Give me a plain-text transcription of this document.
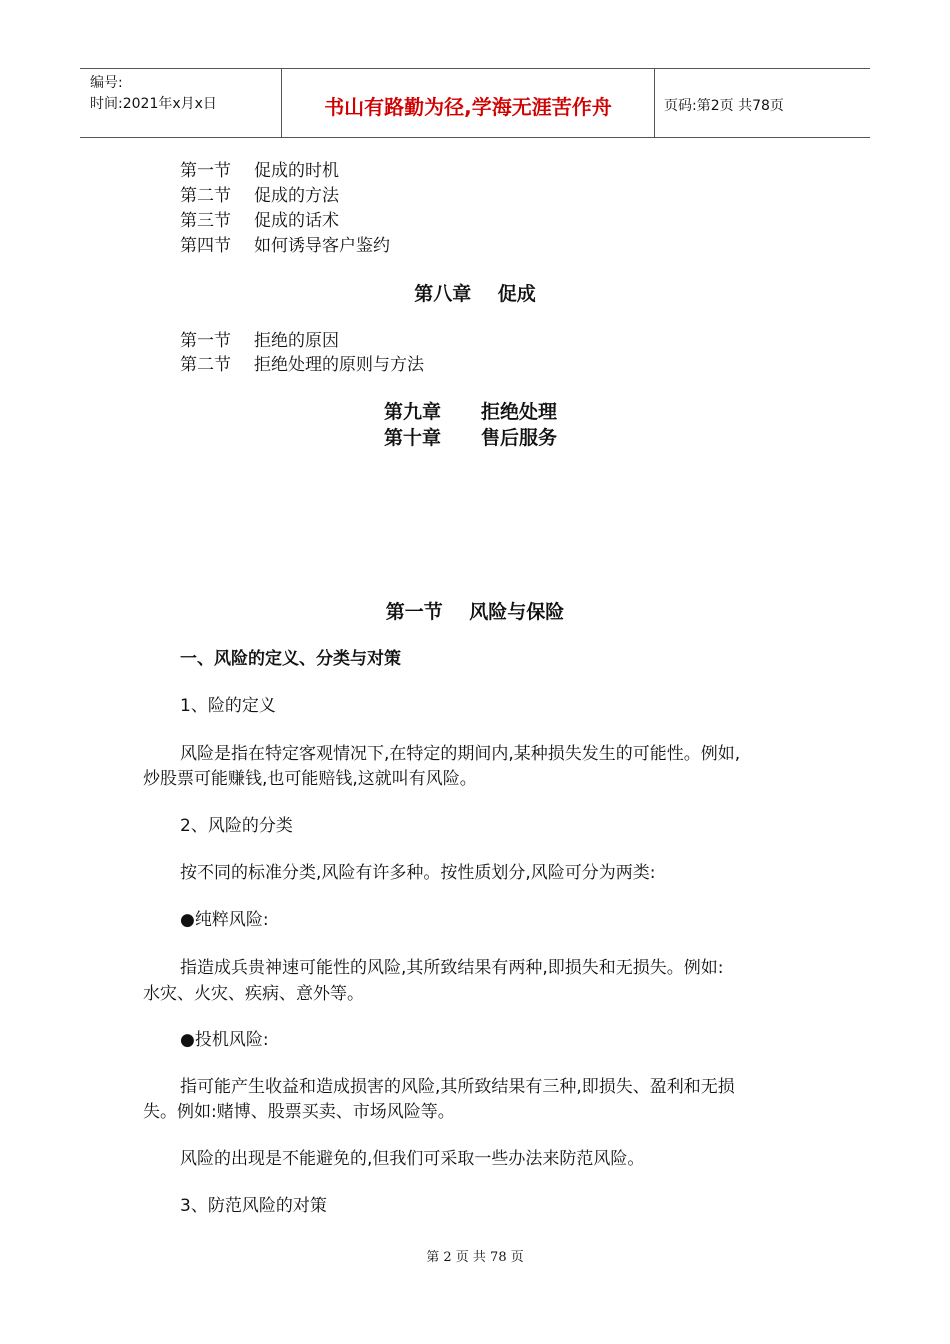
编号:
时间:2021年x月x日	书山有路勤为径,学海无涯苦作舟	页码:第2页 共78页
第一节 促成的时机
第二节 促成的方法
第三节 促成的话术
第四节 如何诱导客户鉴约
第八章 促成
第一节 拒绝的原因
第二节 拒绝处理的原则与方法
第九章 拒绝处理
第十章 售后服务
第一节 风险与保险
一、风险的定义、分类与对策
1、险的定义
风险是指在特定客观情况下,在特定的期间内,某种损失发生的可能性。例如,
炒股票可能赚钱,也可能赔钱,这就叫有风险。
2、风险的分类
按不同的标准分类,风险有许多种。按性质划分,风险可分为两类:
●纯粹风险:
指造成兵贵神速可能性的风险,其所致结果有两种,即损失和无损失。例如:
水灾、火灾、疾病、意外等。
●投机风险:
指可能产生收益和造成损害的风险,其所致结果有三种,即损失、盈利和无损
失。例如:赌博、股票买卖、市场风险等。
风险的出现是不能避免的,但我们可采取一些办法来防范风险。
3、防范风险的对策
第 2 页 共 78 页
